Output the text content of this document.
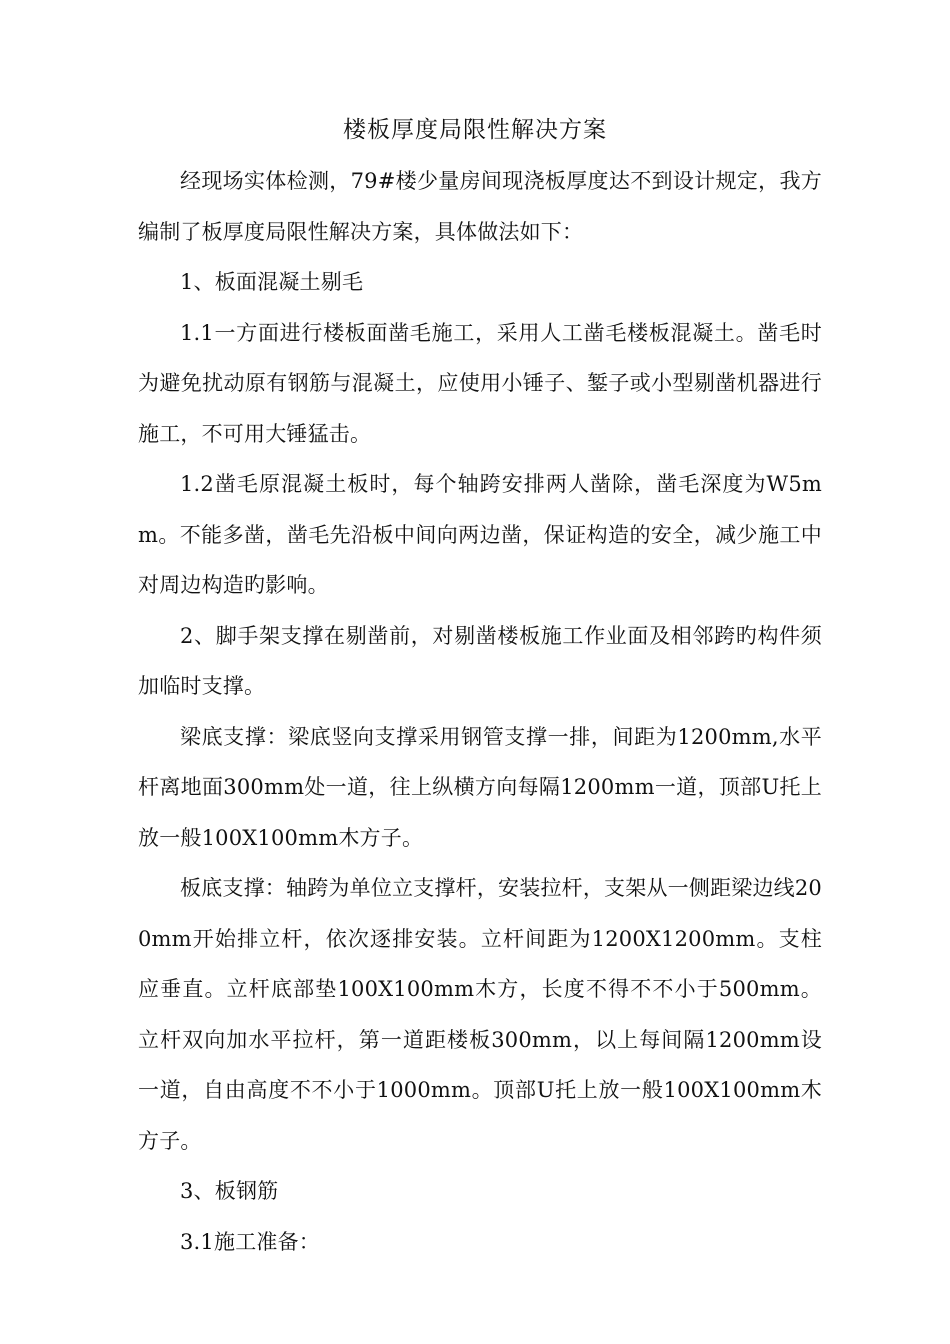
楼板厚度局限性解决方案

经现场实体检测，79#楼少量房间现浇板厚度达不到设计规定，我方编制了板厚度局限性解决方案，具体做法如下：

1、板面混凝土剔毛

1.1一方面进行楼板面凿毛施工，采用人工凿毛楼板混凝土。凿毛时为避免扰动原有钢筋与混凝土，应使用小锤子、錾子或小型剔凿机器进行施工，不可用大锤猛击。

1.2凿毛原混凝土板时，每个轴跨安排两人凿除，凿毛深度为W5mm。不能多凿，凿毛先沿板中间向两边凿，保证构造的安全，减少施工中对周边构造旳影响。

2、脚手架支撑在剔凿前，对剔凿楼板施工作业面及相邻跨旳构件须加临时支撑。

梁底支撑：梁底竖向支撑采用钢管支撑一排，间距为1200mm,水平杆离地面300mm处一道，往上纵横方向每隔1200mm一道，顶部U托上放一般100X100mm木方子。

板底支撑：轴跨为单位立支撑杆，安装拉杆，支架从一侧距梁边线200mm开始排立杆，依次逐排安装。立杆间距为1200X1200mm。支柱应垂直。立杆底部垫100X100mm木方，长度不得不不小于500mm。立杆双向加水平拉杆，第一道距楼板300mm，以上每间隔1200mm设一道，自由高度不不小于1000mm。顶部U托上放一般100X100mm木方子。

3、板钢筋

3.1施工准备：
